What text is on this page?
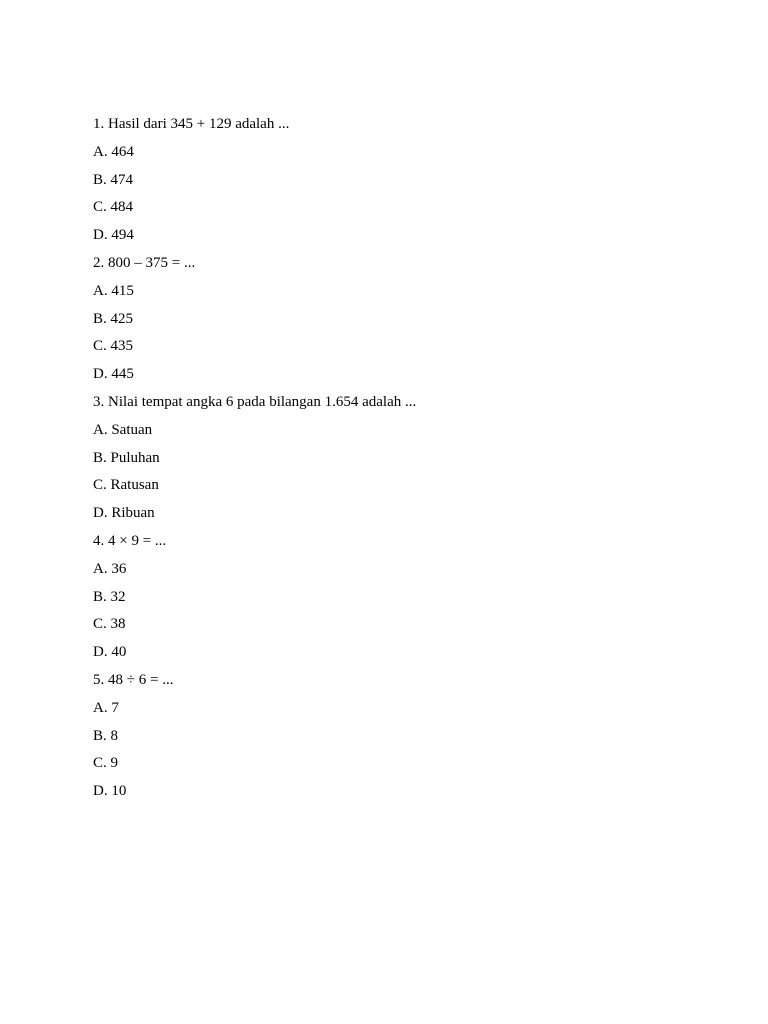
1. Hasil dari 345 + 129 adalah ...
A. 464
B. 474
C. 484
D. 494
2. 800 – 375 = ...
A. 415
B. 425
C. 435
D. 445
3. Nilai tempat angka 6 pada bilangan 1.654 adalah ...
A. Satuan
B. Puluhan
C. Ratusan
D. Ribuan
4. 4 × 9 = ...
A. 36
B. 32
C. 38
D. 40
5. 48 ÷ 6 = ...
A. 7
B. 8
C. 9
D. 10
